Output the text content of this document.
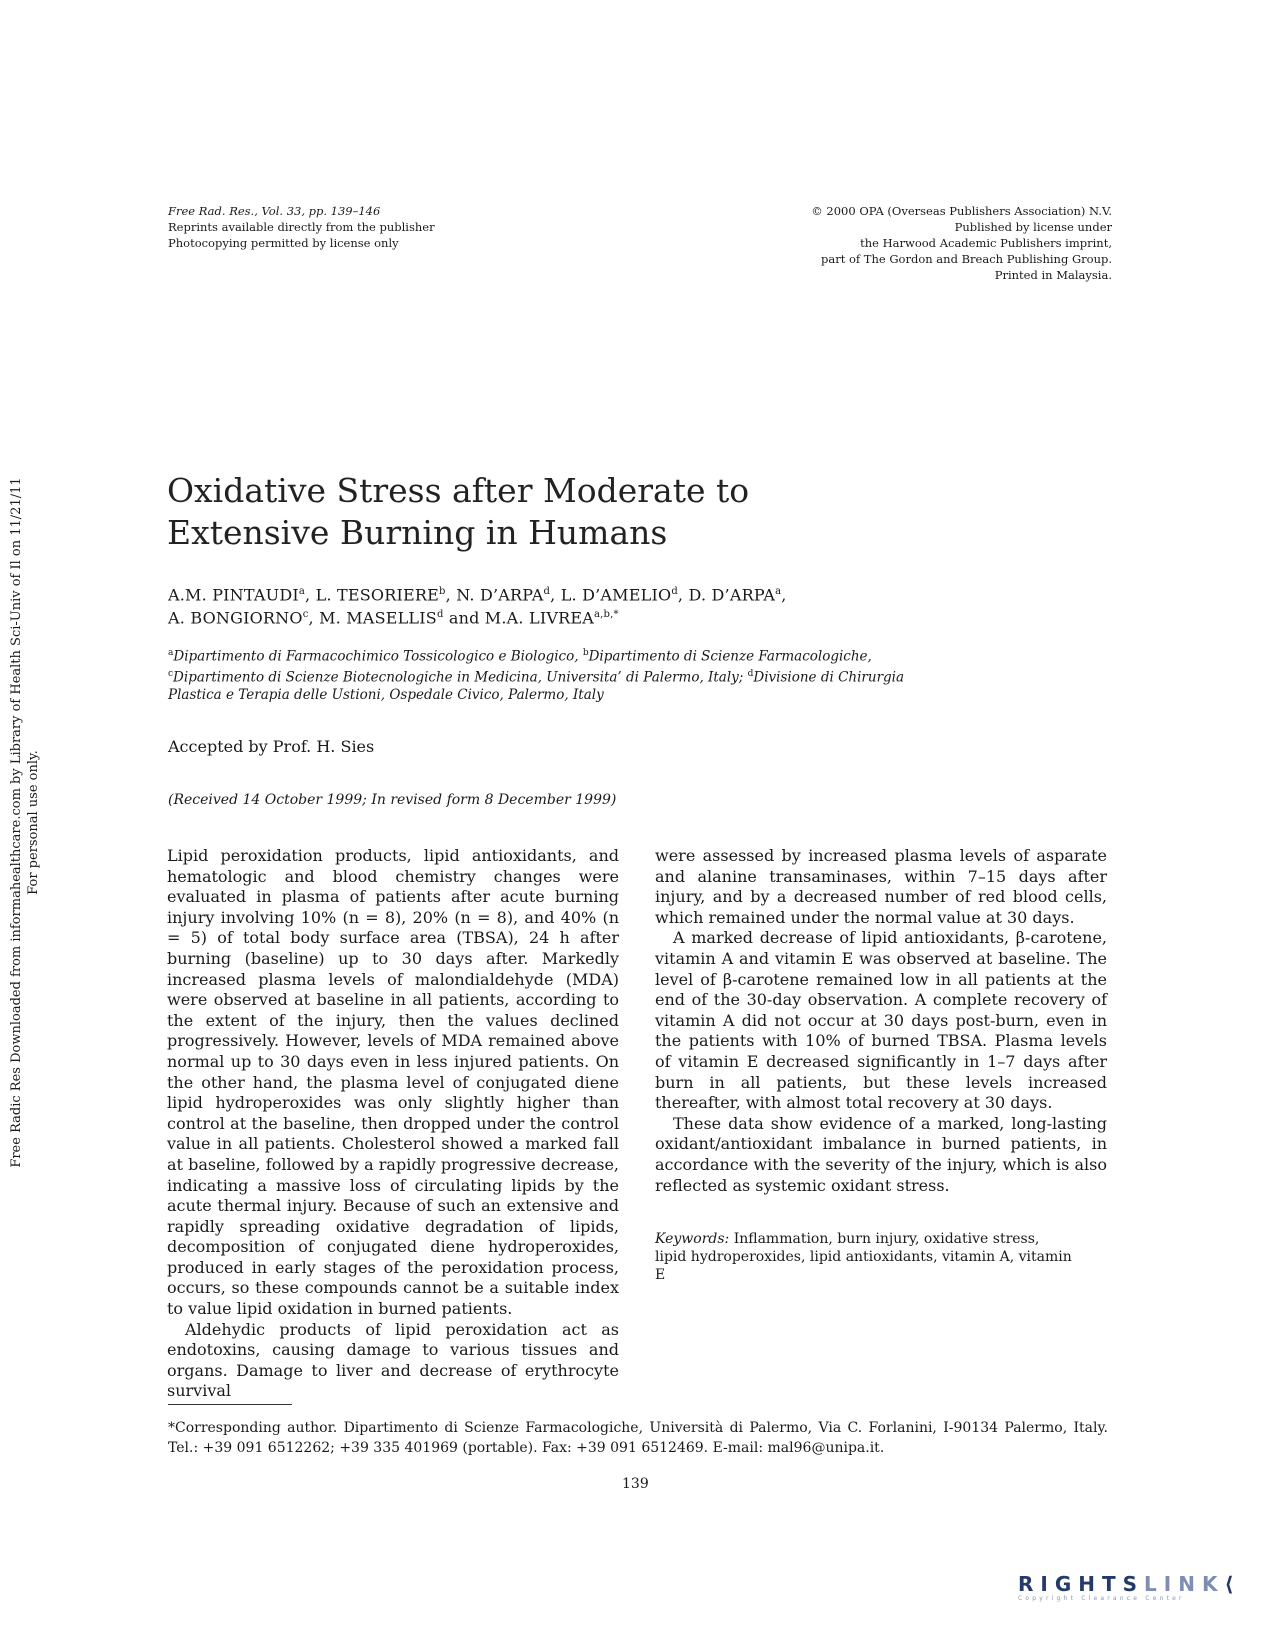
Free Rad. Res., Vol. 33, pp. 139–146
Reprints available directly from the publisher
Photocopying permitted by license only
© 2000 OPA (Overseas Publishers Association) N.V.
Published by license under
the Harwood Academic Publishers imprint,
part of The Gordon and Breach Publishing Group.
Printed in Malaysia.
Oxidative Stress after Moderate to
Extensive Burning in Humans
A.M. PINTAUDI$^a$, L. TESORIERE$^b$, N. D’ARPA$^d$, L. D’AMELIO$^d$, D. D’ARPA$^a$,
A. BONGIORNO$^c$, M. MASELLIS$^d$ and M.A. $LIVREA^{a,b,*}$
$^a$Dipartimento di Farmacochimico Tossicologico e Biologico, $^b$Dipartimento di Scienze Farmacologiche,
$^c$Dipartimento di Scienze Biotecnologiche in Medicina, Universita’ di Palermo, Italy; $^d$Divisione di Chirurgia
Plastica e Terapia delle Ustioni, Ospedale Civico, Palermo, Italy
Accepted by Prof. H. Sies
(Received 14 October 1999; In revised form 8 December 1999)

Lipid peroxidation products, lipid antioxidants, and hematologic and blood chemistry changes were evaluated in plasma of patients after acute burning injury involving 10% (n = 8), 20% (n = 8), and 40% (n = 5) of total body surface area (TBSA), 24 h after burning (baseline) up to 30 days after. Markedly increased plasma levels of malondialdehyde (MDA) were observed at baseline in all patients, according to the extent of the injury, then the values declined progressively. However, levels of MDA remained above normal up to 30 days even in less injured patients. On the other hand, the plasma level of conjugated diene lipid hydroperoxides was only slightly higher than control at the baseline, then dropped under the control value in all patients. Cholesterol showed a marked fall at baseline, followed by a rapidly progressive decrease, indicating a massive loss of circulating lipids by the acute thermal injury. Because of such an extensive and rapidly spreading oxidative degradation of lipids, decomposition of conjugated diene hydroperoxides, produced in early stages of the peroxidation process, occurs, so these compounds cannot be a suitable index to value lipid oxidation in burned patients.

Aldehydic products of lipid peroxidation act as endotoxins, causing damage to various tissues and organs. Damage to liver and decrease of erythrocyte survival

were assessed by increased plasma levels of asparate and alanine transaminases, within 7–15 days after injury, and by a decreased number of red blood cells, which remained under the normal value at 30 days.

A marked decrease of lipid antioxidants, β-carotene, vitamin A and vitamin E was observed at baseline. The level of β-carotene remained low in all patients at the end of the 30-day observation. A complete recovery of vitamin A did not occur at 30 days post-burn, even in the patients with 10% of burned TBSA. Plasma levels of vitamin E decreased significantly in 1–7 days after burn in all patients, but these levels increased thereafter, with almost total recovery at 30 days.

These data show evidence of a marked, long-lasting oxidant/antioxidant imbalance in burned patients, in accordance with the severity of the injury, which is also reflected as systemic oxidant stress.

Keywords: Inflammation, burn injury, oxidative stress, lipid hydroperoxides, lipid antioxidants, vitamin A, vitamin E
*Corresponding author. Dipartimento di Scienze Farmacologiche, Università di Palermo, Via C. Forlanini, I-90134 Palermo, Italy. Tel.: +39 091 6512262; +39 335 401969 (portable). Fax: +39 091 6512469. E-mail: mal96@unipa.it.
139
Free Radic Res Downloaded from informahealthcare.com by Library of Health Sci-Univ of Il on 11/21/11 For personal use only.
RIGHTSLINK⟨
Copyright Clearance Center
